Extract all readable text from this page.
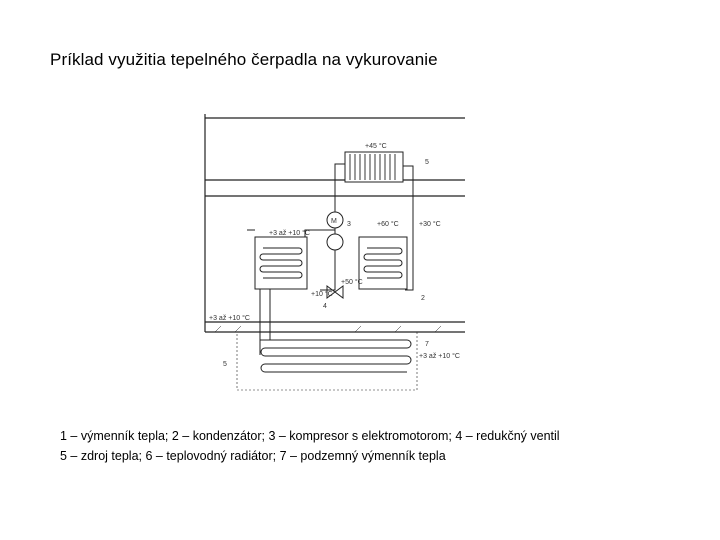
Príklad využitia tepelného čerpadla na vykurovanie
+45 °C
5
M 3
+3 až +10 °C
+60 °C	+30 °C
+50 °C
+10 °C
4
2
+3 až +10 °C
7
+3 až +10 °C
5
1 – výmenník tepla; 2 – kondenzátor; 3 – kompresor s elektromotorom; 4 – redukčný ventil
5 – zdroj tepla; 6 – teplovodný radiátor; 7 – podzemný výmenník tepla
